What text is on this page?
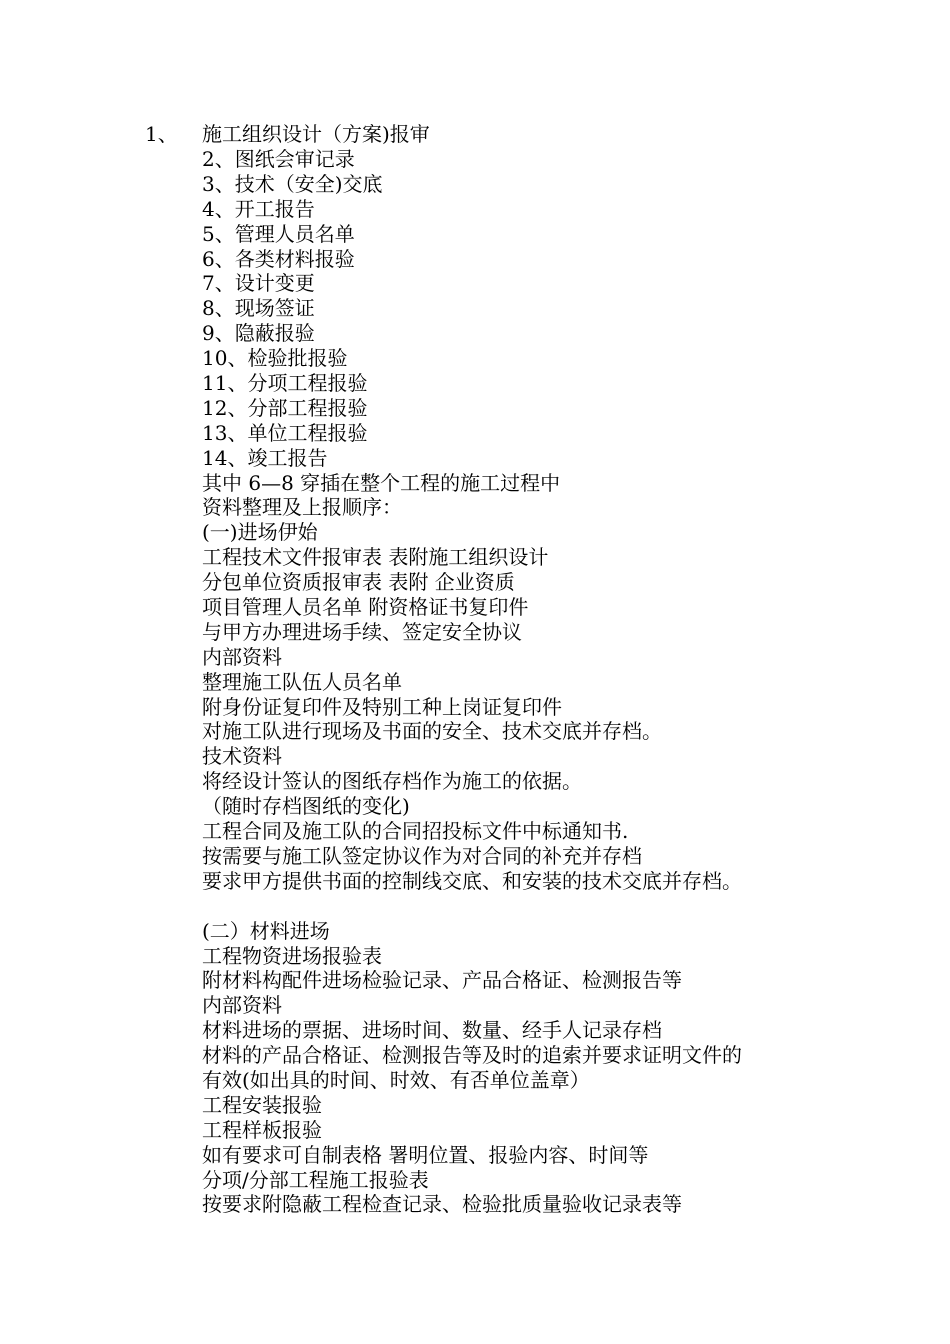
1、 施工组织设计（方案)报审
2、图纸会审记录
3、技术（安全)交底
4、开工报告
5、管理人员名单
6、各类材料报验
7、设计变更
8、现场签证
9、隐蔽报验
10、检验批报验
11、分项工程报验
12、分部工程报验
13、单位工程报验
14、竣工报告
其中 6—8 穿插在整个工程的施工过程中
资料整理及上报顺序：
(一)进场伊始
工程技术文件报审表 表附施工组织设计
分包单位资质报审表 表附 企业资质
项目管理人员名单 附资格证书复印件
与甲方办理进场手续、签定安全协议
内部资料
整理施工队伍人员名单
附身份证复印件及特别工种上岗证复印件
对施工队进行现场及书面的安全、技术交底并存档。
技术资料
将经设计签认的图纸存档作为施工的依据。
（随时存档图纸的变化)
工程合同及施工队的合同招投标文件中标通知书.
按需要与施工队签定协议作为对合同的补充并存档
要求甲方提供书面的控制线交底、和安装的技术交底并存档。
(二）材料进场
工程物资进场报验表
附材料构配件进场检验记录、产品合格证、检测报告等
内部资料
材料进场的票据、进场时间、数量、经手人记录存档
材料的产品合格证、检测报告等及时的追索并要求证明文件的
有效(如出具的时间、时效、有否单位盖章）
工程安装报验
工程样板报验
如有要求可自制表格 署明位置、报验内容、时间等
分项/分部工程施工报验表
按要求附隐蔽工程检查记录、检验批质量验收记录表等
